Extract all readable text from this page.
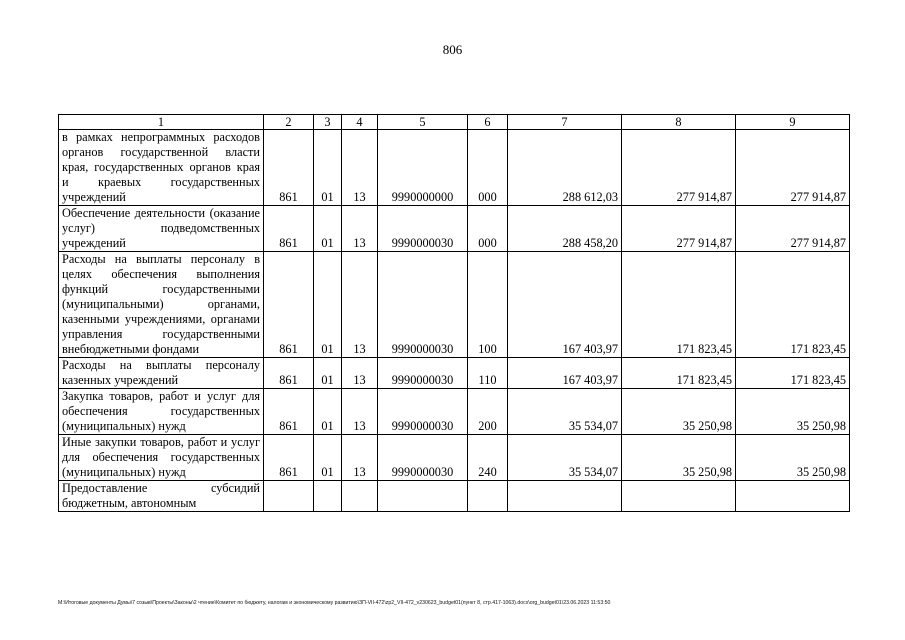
806
1	2	3	4	5	6	7	8	9
в рамках непрограммных расходов органов государственной власти края, государственных органов края и краевых государственных учреждений	861	01	13	9990000000	000	288 612,03	277 914,87	277 914,87
Обеспечение деятельности (оказание услуг) подведомственных учреждений	861	01	13	9990000030	000	288 458,20	277 914,87	277 914,87
Расходы на выплаты персоналу в целях обеспечения выполнения функций государственными (муниципальными) органами, казенными учреждениями, органами управления государственными внебюджетными фондами	861	01	13	9990000030	100	167 403,97	171 823,45	171 823,45
Расходы на выплаты персоналу казенных учреждений	861	01	13	9990000030	110	167 403,97	171 823,45	171 823,45
Закупка товаров, работ и услуг для обеспечения государственных (муниципальных) нужд	861	01	13	9990000030	200	35 534,07	35 250,98	35 250,98
Иные закупки товаров, работ и услуг для обеспечения государственных (муниципальных) нужд	861	01	13	9990000030	240	35 534,07	35 250,98	35 250,98
Предоставление субсидий бюджетным, автономным								
M:\Итоговые документы Думы\7 созыв\Проекты\Законы\2 чтение\Комитет по бюджету, налогам и экономическому развитию\ЗП-VII-472\zp2_VII-472_v230623_budget01(пункт 8, стр.417-1063).docx\org_budget01\23.06.2023 11:53:50
